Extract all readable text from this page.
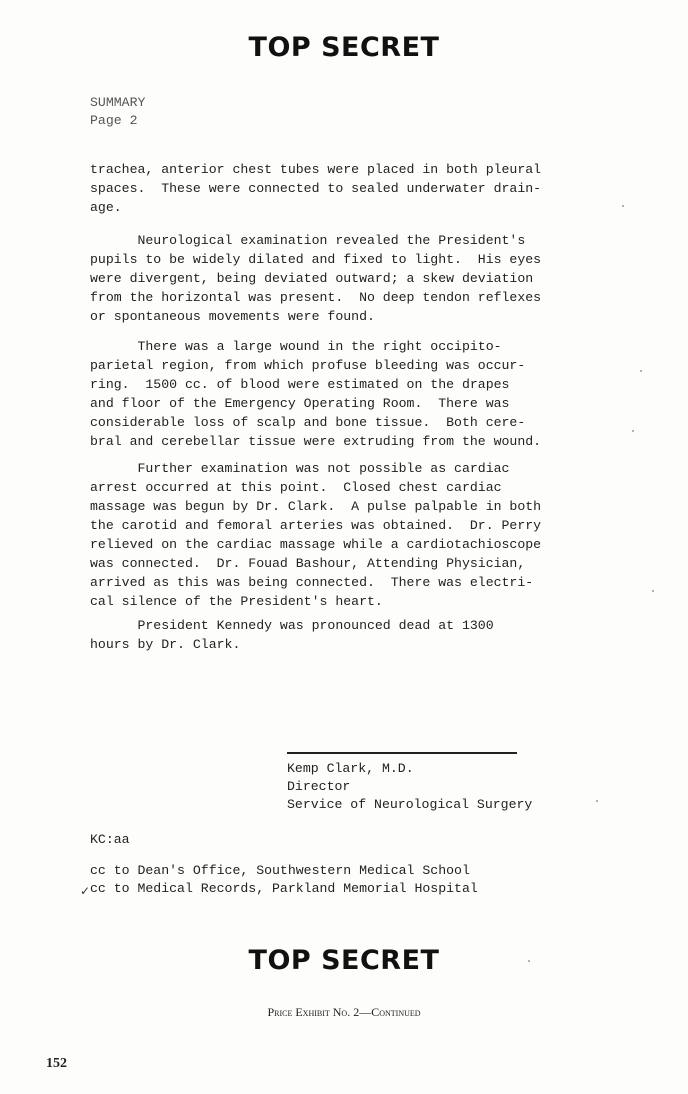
TOP SECRET
SUMMARY
Page 2

trachea, anterior chest tubes were placed in both pleural
spaces.  These were connected to sealed underwater drain-
age.

Neurological examination revealed the President's
pupils to be widely dilated and fixed to light.  His eyes
were divergent, being deviated outward; a skew deviation
from the horizontal was present.  No deep tendon reflexes
or spontaneous movements were found.

There was a large wound in the right occipito-
parietal region, from which profuse bleeding was occur-
ring.  1500 cc. of blood were estimated on the drapes
and floor of the Emergency Operating Room.  There was
considerable loss of scalp and bone tissue.  Both cere-
bral and cerebellar tissue were extruding from the wound.

Further examination was not possible as cardiac
arrest occurred at this point.  Closed chest cardiac
massage was begun by Dr. Clark.  A pulse palpable in both
the carotid and femoral arteries was obtained.  Dr. Perry
relieved on the cardiac massage while a cardiotachioscope
was connected.  Dr. Fouad Bashour, Attending Physician,
arrived as this was being connected.  There was electri-
cal silence of the President's heart.

President Kennedy was pronounced dead at 1300
hours by Dr. Clark.

Kemp Clark, M.D.
Director
Service of Neurological Surgery
KC:aa
✓
cc to Dean's Office, Southwestern Medical School
cc to Medical Records, Parkland Memorial Hospital
TOP SECRET
Price Exhibit No. 2—Continued
152
